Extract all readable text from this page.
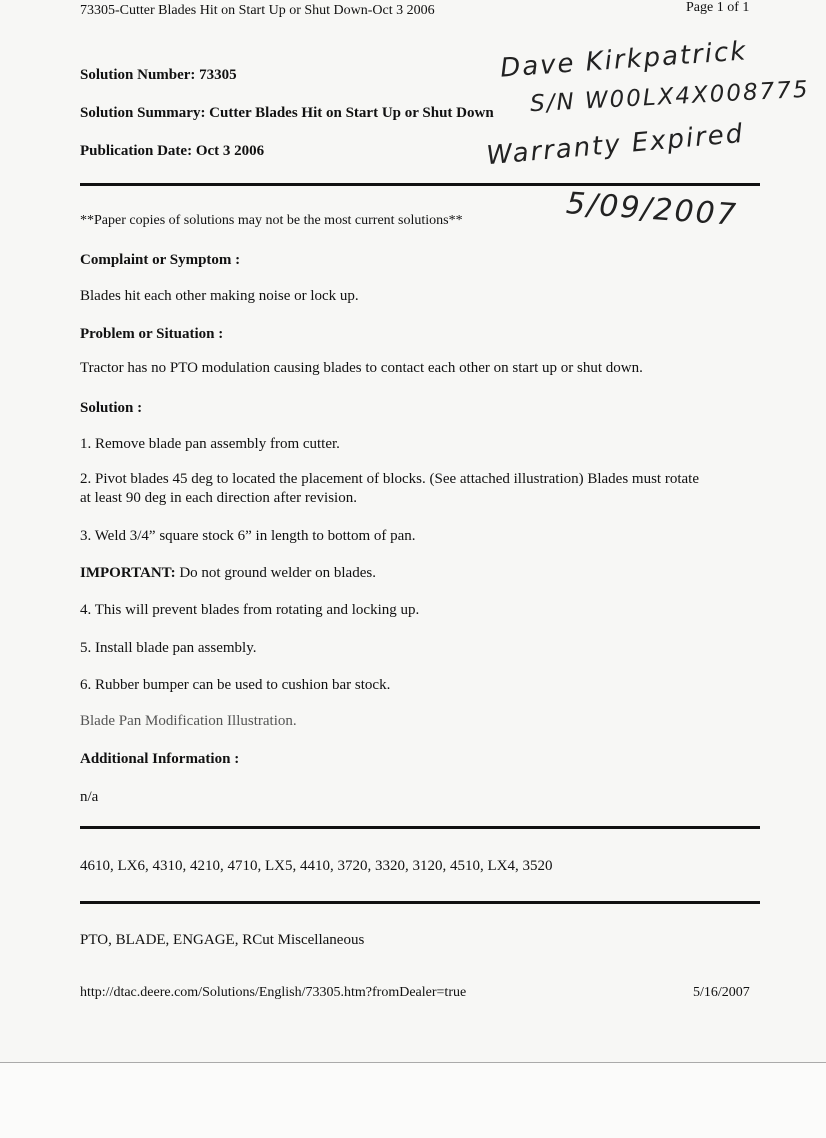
73305-Cutter Blades Hit on Start Up or Shut Down-Oct 3 2006	Page 1 of 1
Solution Number: 73305
Solution Summary: Cutter Blades Hit on Start Up or Shut Down
Publication Date: Oct 3 2006
Dave Kirkpatrick
S/N W00LX4X008775
Warranty Expired
5/09/2007
**Paper copies of solutions may not be the most current solutions**
Complaint or Symptom :
Blades hit each other making noise or lock up.
Problem or Situation :
Tractor has no PTO modulation causing blades to contact each other on start up or shut down.
Solution :
1. Remove blade pan assembly from cutter.
2. Pivot blades 45 deg to located the placement of blocks. (See attached illustration) Blades must rotate
at least 90 deg in each direction after revision.
3. Weld 3/4” square stock 6” in length to bottom of pan.
IMPORTANT: Do not ground welder on blades.
4. This will prevent blades from rotating and locking up.
5. Install blade pan assembly.
6. Rubber bumper can be used to cushion bar stock.
Blade Pan Modification Illustration.
Additional Information :
n/a
4610, LX6, 4310, 4210, 4710, LX5, 4410, 3720, 3320, 3120, 4510, LX4, 3520
PTO, BLADE, ENGAGE, RCut Miscellaneous
http://dtac.deere.com/Solutions/English/73305.htm?fromDealer=true	5/16/2007
